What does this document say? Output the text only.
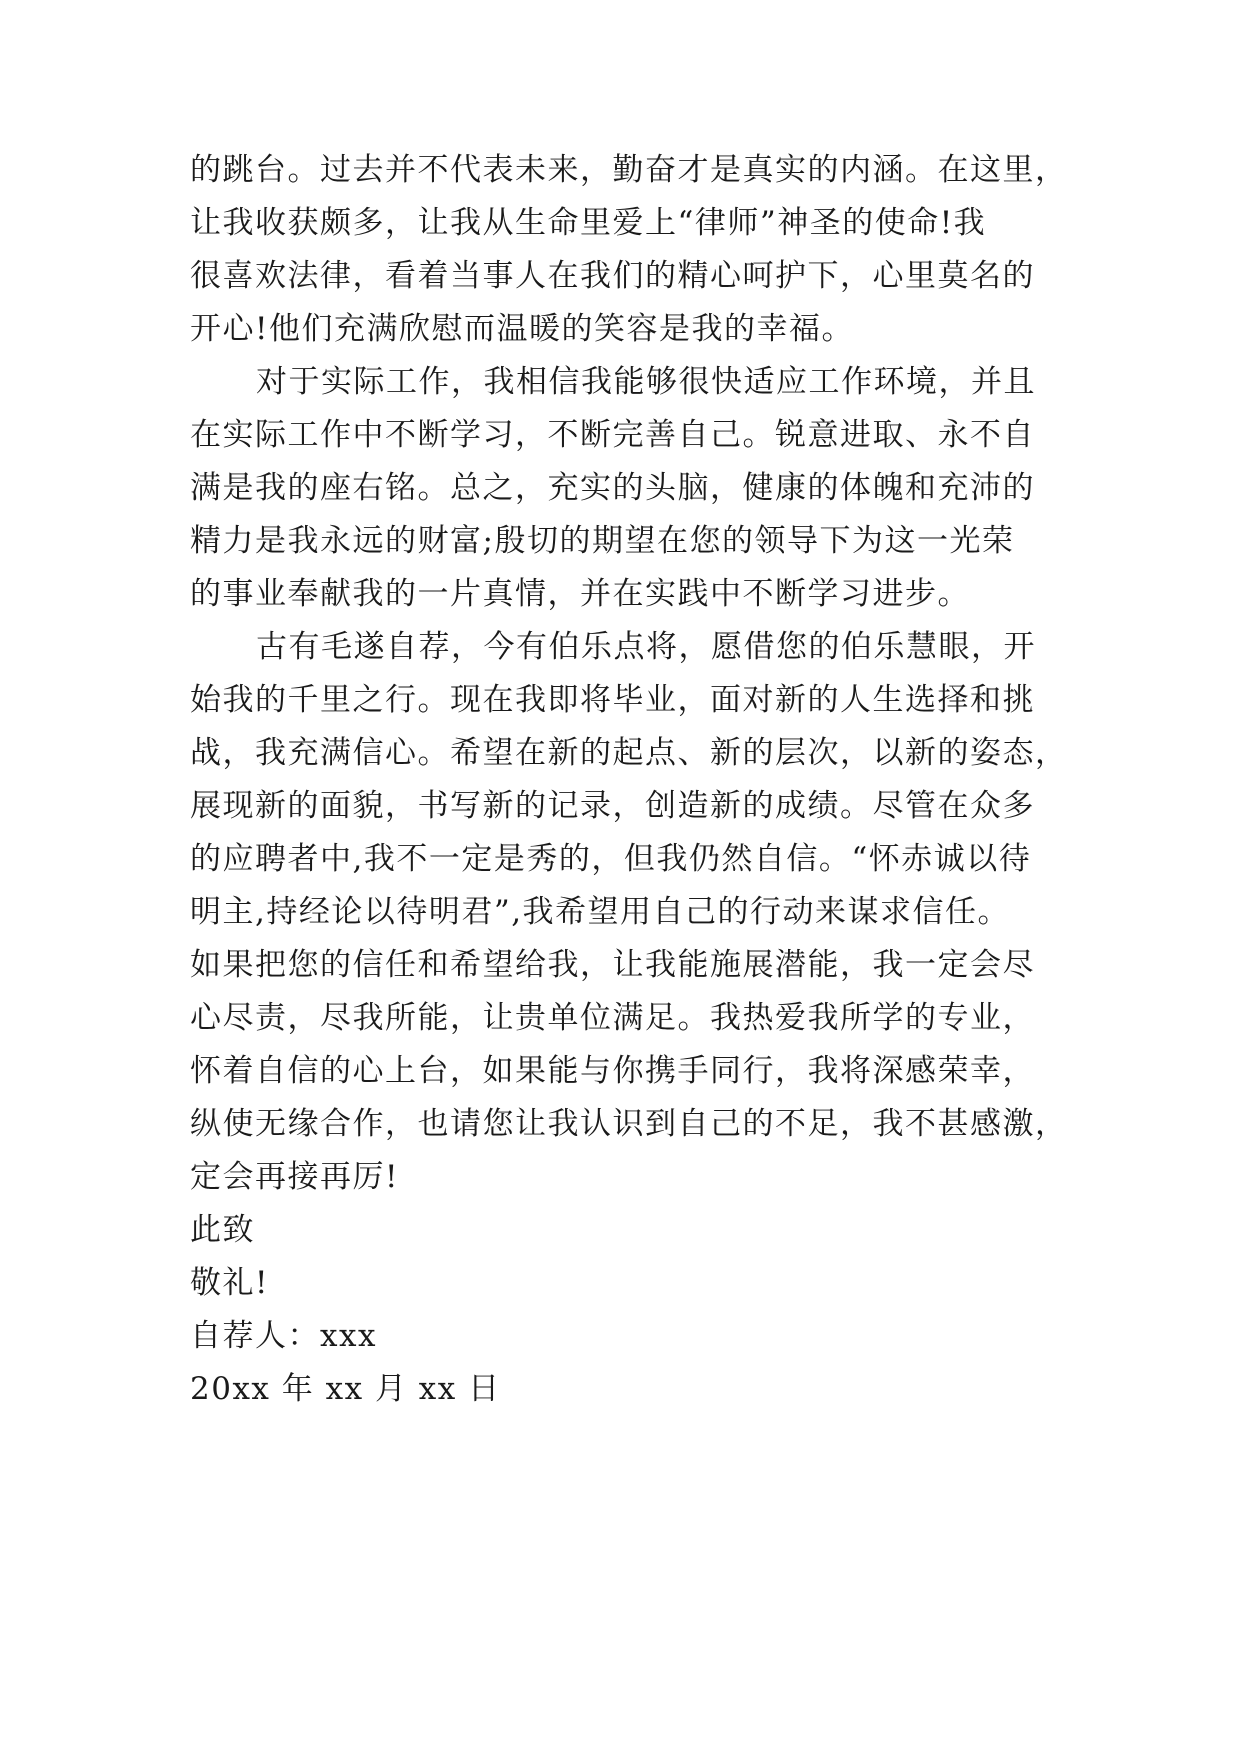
的跳台。过去并不代表未来，勤奋才是真实的内涵。在这里，
让我收获颇多，让我从生命里爱上“律师”神圣的使命!我
很喜欢法律，看着当事人在我们的精心呵护下，心里莫名的
开心!他们充满欣慰而温暖的笑容是我的幸福。
对于实际工作，我相信我能够很快适应工作环境，并且
在实际工作中不断学习，不断完善自己。锐意进取、永不自
满是我的座右铭。总之，充实的头脑，健康的体魄和充沛的
精力是我永远的财富;殷切的期望在您的领导下为这一光荣
的事业奉献我的一片真情，并在实践中不断学习进步。
古有毛遂自荐，今有伯乐点将，愿借您的伯乐慧眼，开
始我的千里之行。现在我即将毕业，面对新的人生选择和挑
战，我充满信心。希望在新的起点、新的层次，以新的姿态，
展现新的面貌，书写新的记录，创造新的成绩。尽管在众多
的应聘者中,我不一定是秀的，但我仍然自信。“怀赤诚以待
明主,持经论以待明君”,我希望用自己的行动来谋求信任。
如果把您的信任和希望给我，让我能施展潜能，我一定会尽
心尽责，尽我所能，让贵单位满足。我热爱我所学的专业，
怀着自信的心上台，如果能与你携手同行，我将深感荣幸，
纵使无缘合作，也请您让我认识到自己的不足，我不甚感激，
定会再接再厉!
此致
敬礼!
自荐人：xxx
20xx 年 xx 月 xx 日
